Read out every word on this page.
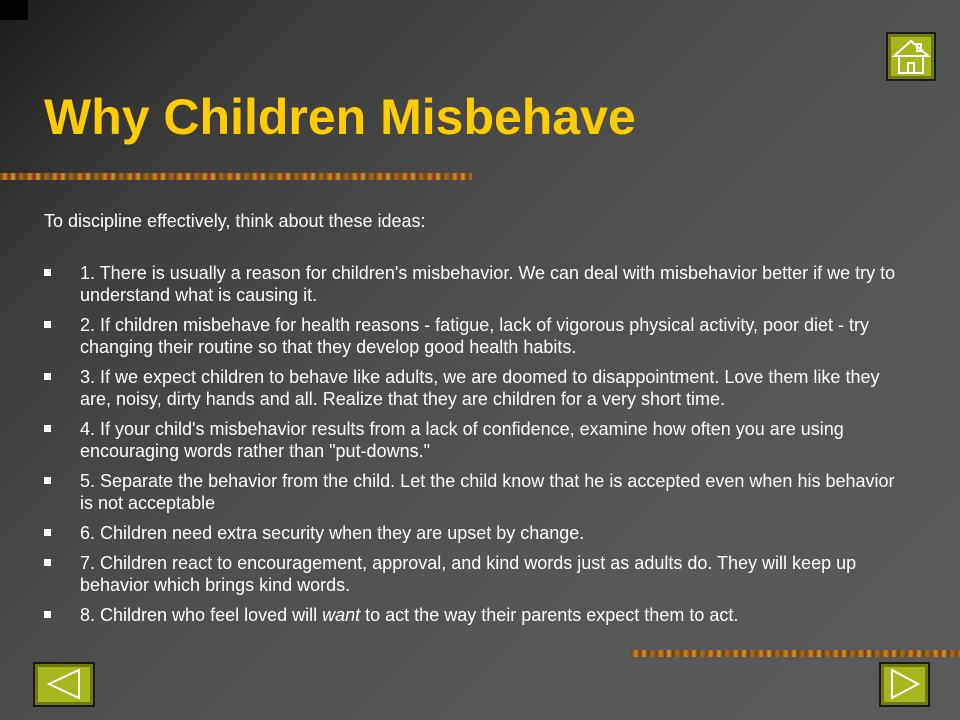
Why Children Misbehave

To discipline effectively, think about these ideas:

1. There is usually a reason for children's misbehavior. We can deal with misbehavior better if we try to understand what is causing it.
2. If children misbehave for health reasons - fatigue, lack of vigorous physical activity, poor diet - try changing their routine so that they develop good health habits.
3. If we expect children to behave like adults, we are doomed to disappointment. Love them like they are, noisy, dirty hands and all. Realize that they are children for a very short time.
4. If your child's misbehavior results from a lack of confidence, examine how often you are using encouraging words rather than "put-downs."
5. Separate the behavior from the child. Let the child know that he is accepted even when his behavior is not acceptable
6. Children need extra security when they are upset by change.
7. Children react to encouragement, approval, and kind words just as adults do. They will keep up behavior which brings kind words.
8. Children who feel loved will want to act the way their parents expect them to act.
